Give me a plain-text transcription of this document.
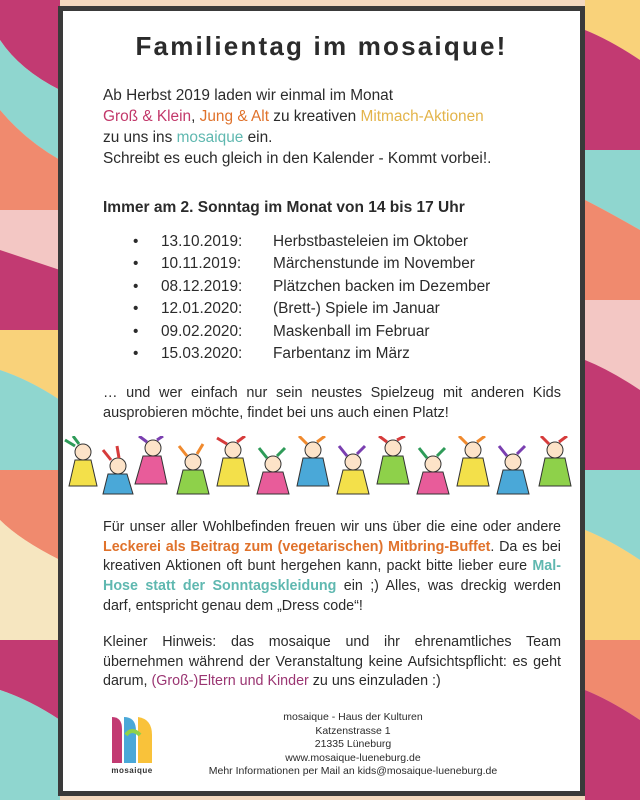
Familientag im mosaique!

Ab Herbst 2019 laden wir einmal im Monat

Groß & Klein, Jung & Alt zu kreativen Mitmach-Aktionen

zu uns ins mosaique ein.

Schreibt es euch gleich in den Kalender - Kommt vorbei!.

Immer am 2. Sonntag im Monat von 14 bis 17 Uhr
•	13.10.2019:	Herbstbasteleien im Oktober
•	10.11.2019:	Märchenstunde im November
•	08.12.2019:	Plätzchen backen im Dezember
•	12.01.2020:	(Brett-) Spiele im Januar
•	09.02.2020:	Maskenball im Februar
•	15.03.2020:	Farbentanz im März

… und wer einfach nur sein neustes Spielzeug mit anderen Kids ausprobieren möchte, findet bei uns auch einen Platz!

Für unser aller Wohlbefinden freuen wir uns über die eine oder andere Leckerei als Beitrag zum (vegetarischen) Mitbring-Buffet. Da es bei kreativen Aktionen oft bunt hergehen kann, packt bitte lieber eure Mal-Hose statt der Sonntagskleidung ein ;) Alles, was dreckig werden darf, entspricht genau dem „Dress code“!

Kleiner Hinweis: das mosaique und ihr ehrenamtliches Team übernehmen während der Veranstaltung keine Aufsichtspflicht: es geht darum, (Groß-)Eltern und Kinder zu uns einzuladen :)

mosaique
mosaique - Haus der Kulturen
Katzenstrasse 1
21335 Lüneburg
www.mosaique-lueneburg.de
Mehr Informationen per Mail an kids@mosaique-lueneburg.de
